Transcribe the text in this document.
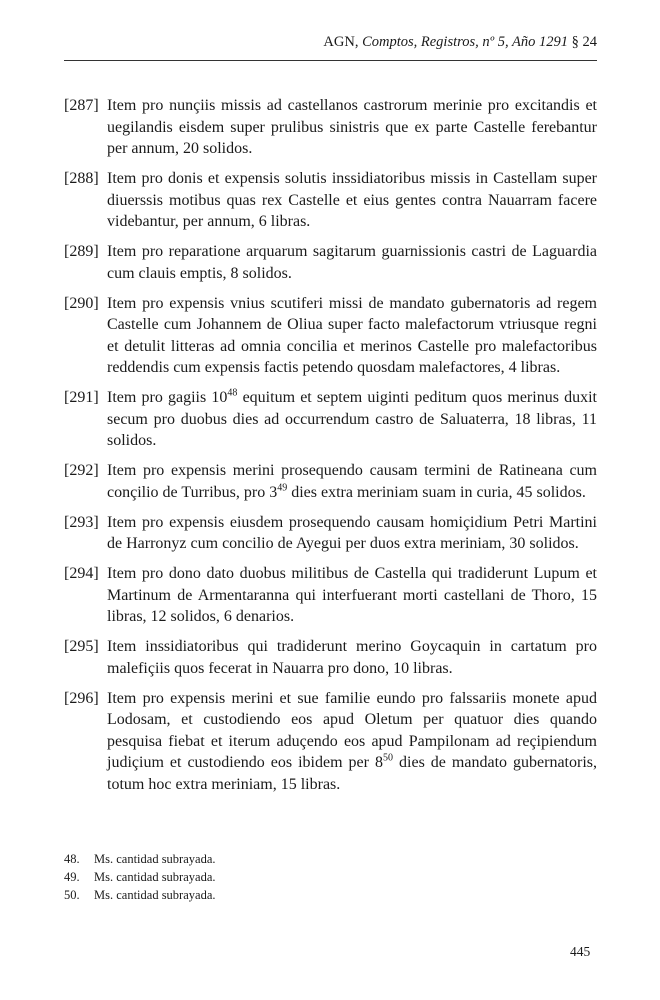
AGN, Comptos, Registros, nº 5, Año 1291 § 24
[287] Item pro nunçiis missis ad castellanos castrorum merinie pro excitandis et uegilandis eisdem super prulibus sinistris que ex parte Castelle ferebantur per annum, 20 solidos.
[288] Item pro donis et expensis solutis inssidiatoribus missis in Castellam super diuerssis motibus quas rex Castelle et eius gentes contra Nauarram facere videbantur, per annum, 6 libras.
[289] Item pro reparatione arquarum sagitarum guarnissionis castri de Laguardia cum clauis emptis, 8 solidos.
[290] Item pro expensis vnius scutiferi missi de mandato gubernatoris ad regem Castelle cum Johannem de Oliua super facto malefactorum vtriusque regni et detulit litteras ad omnia concilia et merinos Castelle pro malefactoribus reddendis cum expensis factis petendo quosdam malefactores, 4 libras.
[291] Item pro gagiis $10^{48}$ equitum et septem uiginti peditum quos merinus duxit secum pro duobus dies ad occurrendum castro de Saluaterra, 18 libras, 11 solidos.
[292] Item pro expensis merini prosequendo causam termini de Ratineana cum conçilio de Turribus, pro $3^{49}$ dies extra meriniam suam in curia, 45 solidos.
[293] Item pro expensis eiusdem prosequendo causam homiçidium Petri Martini de Harronyz cum concilio de Ayegui per duos extra meriniam, 30 solidos.
[294] Item pro dono dato duobus militibus de Castella qui tradiderunt Lupum et Martinum de Armentaranna qui interfuerant morti castellani de Thoro, 15 libras, 12 solidos, 6 denarios.
[295] Item inssidiatoribus qui tradiderunt merino Goycaquin in cartatum pro malefiçiis quos fecerat in Nauarra pro dono, 10 libras.
[296] Item pro expensis merini et sue familie eundo pro falssariis monete apud Lodosam, et custodiendo eos apud Oletum per quatuor dies quando pesquisa fiebat et iterum aduçendo eos apud Pampilonam ad reçipiendum judiçium et custodiendo eos ibidem per $8^{50}$ dies de mandato gubernatoris, totum hoc extra meriniam, 15 libras.
48.	Ms. cantidad subrayada.
49.	Ms. cantidad subrayada.
50.	Ms. cantidad subrayada.
445
